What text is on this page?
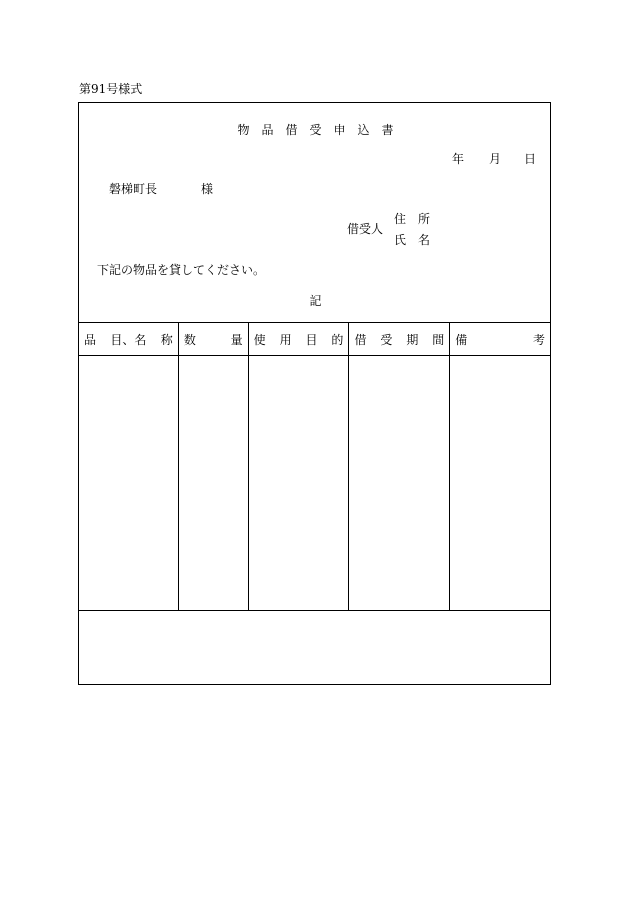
第91号様式
物品借受申込書
年 月 日
磐梯町長	様
借受人
住所
氏名
下記の物品を貸してください。
記
品 目、名 称	数 量	使 用 目 的	借 受 期 間	備 考
